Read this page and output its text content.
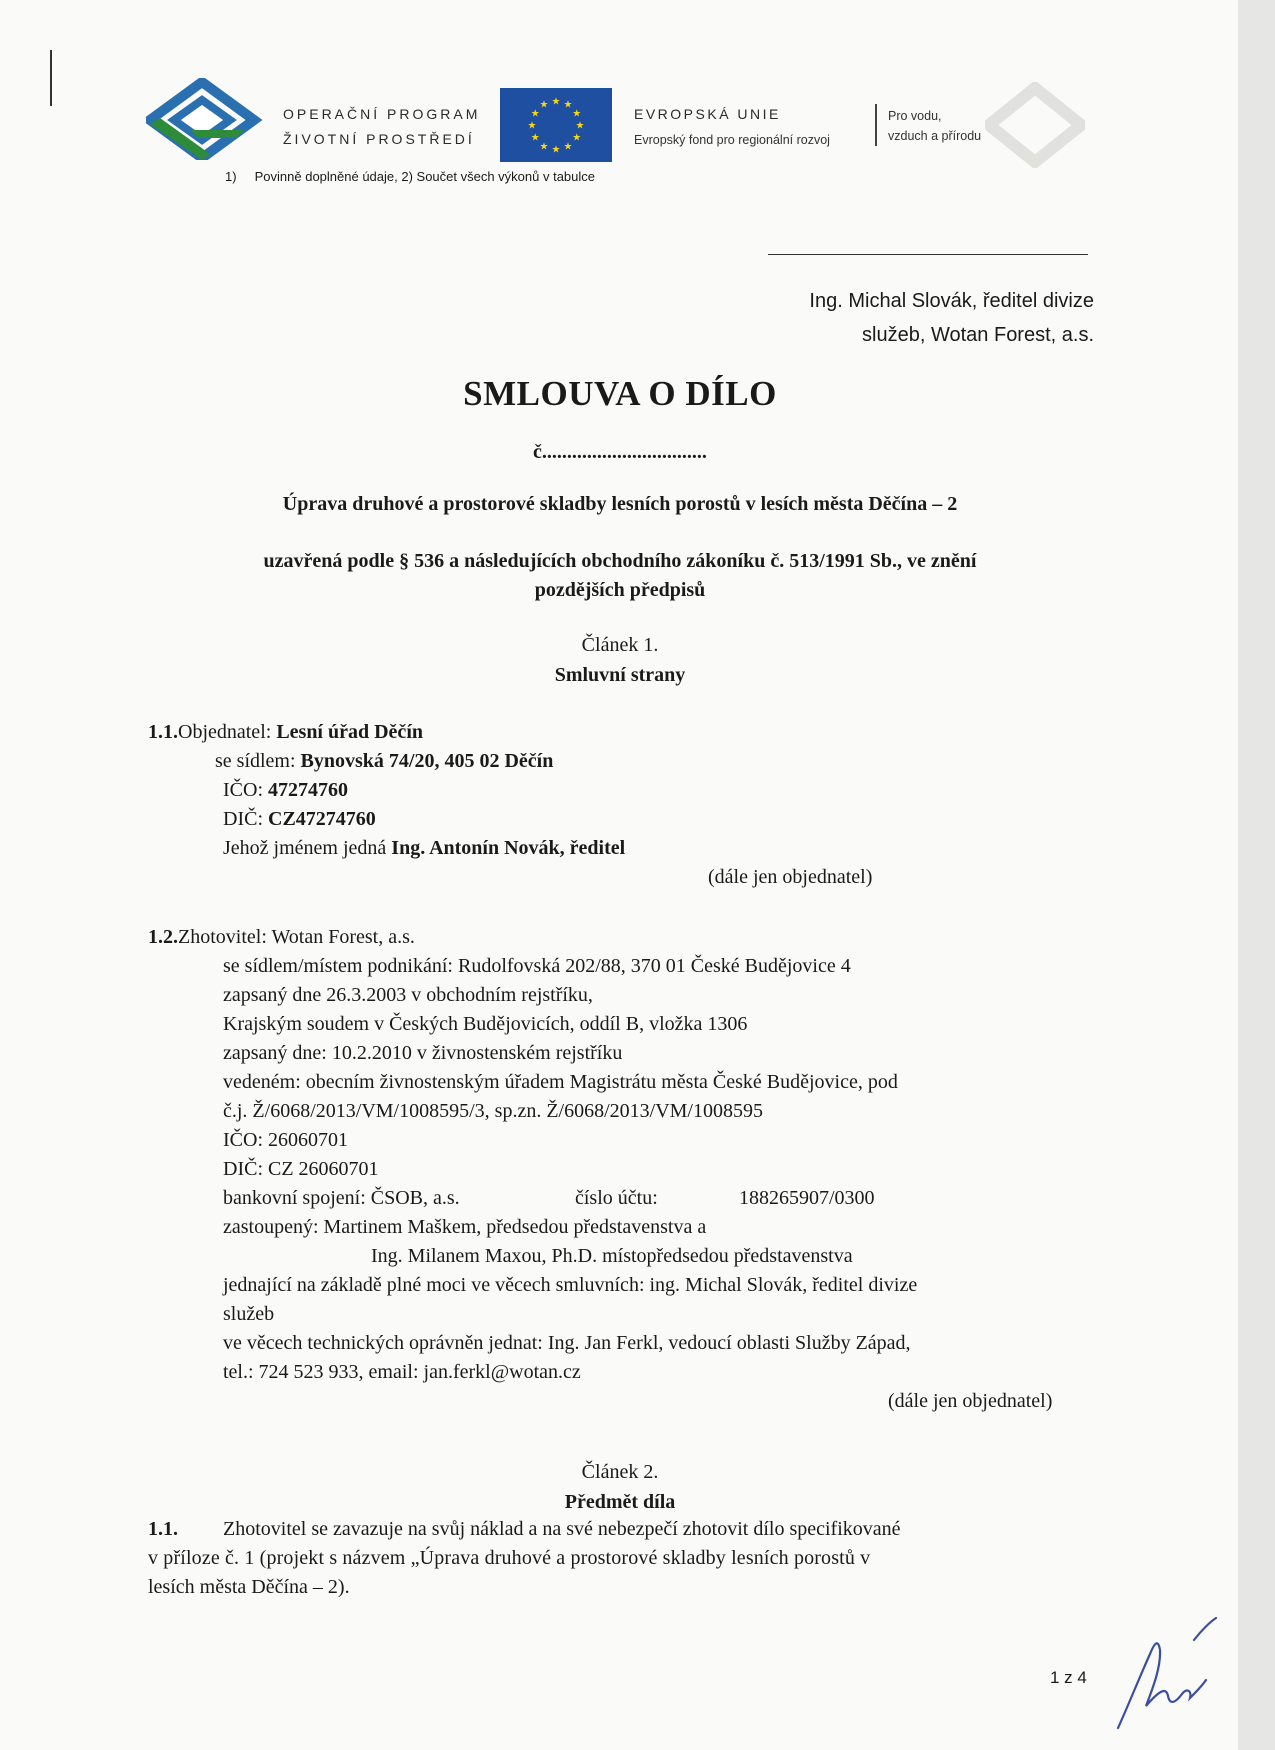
OPERAČNÍ PROGRAM
ŽIVOTNÍ PROSTŘEDÍ
★ ★
★
★
★
★
★
★
★
★
★
★
EVROPSKÁ UNIE
Evropský fond pro regionální rozvoj
Pro vodu,
vzduch a přírodu
1)     Povinně doplněné údaje, 2) Součet všech výkonů v tabulce
Ing. Michal Slovák, ředitel divize
služeb, Wotan Forest, a.s.
SMLOUVA O DÍLO
č.................................
Úprava druhové a prostorové skladby lesních porostů v lesích města Děčína – 2
uzavřená podle § 536 a následujících obchodního zákoníku č. 513/1991 Sb., ve znění
pozdějších předpisů
Článek 1.
Smluvní strany
1.1.Objednatel: Lesní úřad Děčín
se sídlem: Bynovská 74/20, 405 02 Děčín
IČO: 47274760
DIČ: CZ47274760
Jehož jménem jedná Ing. Antonín Novák, ředitel
(dále jen objednatel)
1.2.Zhotovitel: Wotan Forest, a.s.
se sídlem/místem podnikání: Rudolfovská 202/88, 370 01 České Budějovice 4
zapsaný dne 26.3.2003 v obchodním rejstříku,
Krajským soudem v Českých Budějovicích, oddíl B, vložka 1306
zapsaný dne: 10.2.2010 v živnostenském rejstříku
vedeném: obecním živnostenským úřadem Magistrátu města České Budějovice, pod
č.j. Ž/6068/2013/VM/1008595/3, sp.zn. Ž/6068/2013/VM/1008595
IČO: 26060701
DIČ: CZ 26060701
bankovní spojení: ČSOB, a.s.	číslo účtu:	188265907/0300
zastoupený: Martinem Maškem, předsedou představenstva a
Ing. Milanem Maxou, Ph.D. místopředsedou představenstva
jednající na základě plné moci ve věcech smluvních: ing. Michal Slovák, ředitel divize
služeb
ve věcech technických oprávněn jednat: Ing. Jan Ferkl, vedoucí oblasti Služby Západ,
tel.: 724 523 933, email: jan.ferkl@wotan.cz
(dále jen objednatel)
Článek 2.
Předmět díla
1.1. Zhotovitel se zavazuje na svůj náklad a na své nebezpečí zhotovit dílo specifikované
v příloze č. 1 (projekt s názvem „Úprava druhové a prostorové skladby lesních porostů v
lesích města Děčína – 2).
1 z 4
